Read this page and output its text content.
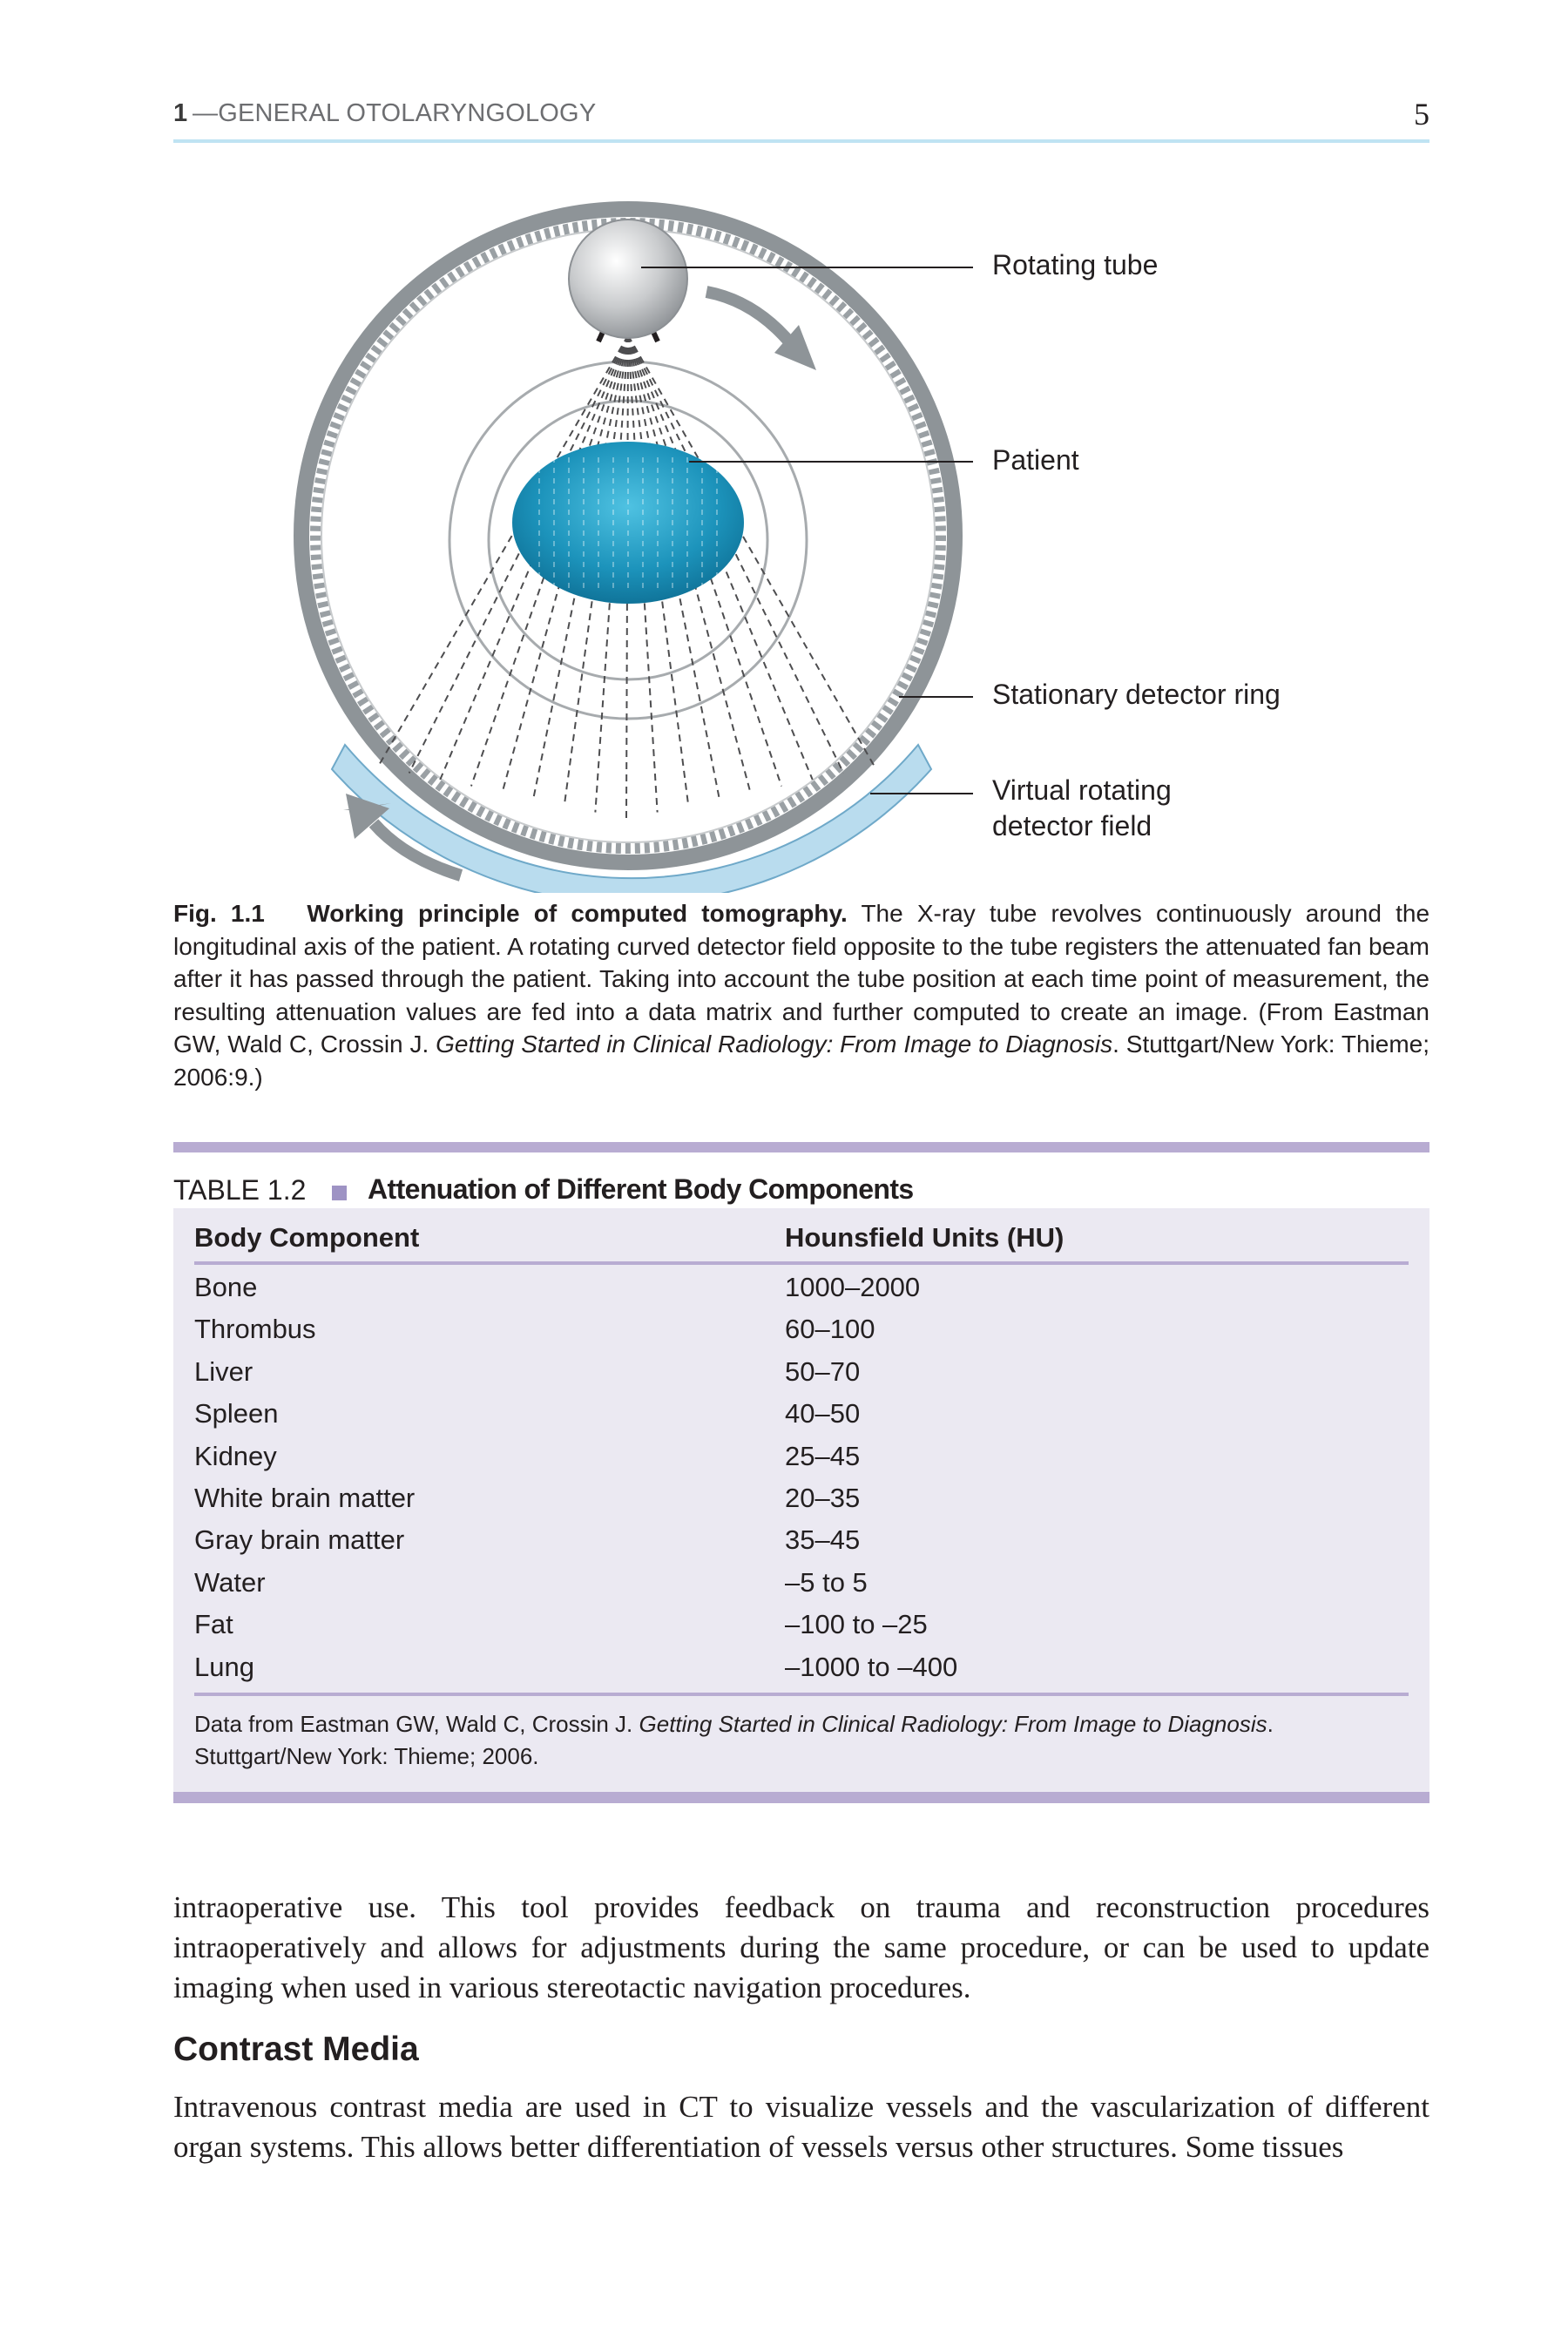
1 —GENERAL OTOLARYNGOLOGY	5
Rotating tube
Patient
Stationary detector ring
Virtual rotating
detector field
Fig. 1.1 Working principle of computed tomography. The X-ray tube revolves continuously around the longitudinal axis of the patient. A rotating curved detector field opposite to the tube registers the attenuated fan beam after it has passed through the patient. Taking into account the tube position at each time point of measurement, the resulting attenuation values are fed into a data matrix and further computed to create an image. (From Eastman GW, Wald C, Crossin J. Getting Started in Clinical Radiology: From Image to Diagnosis. Stuttgart/New York: Thieme; 2006:9.)
TABLE 1.2 Attenuation of Different Body Components
Body Component	Hounsfield Units (HU)
Bone	1000–2000
Thrombus	60–100
Liver	50–70
Spleen	40–50
Kidney	25–45
White brain matter	20–35
Gray brain matter	35–45
Water	–5 to 5
Fat	–100 to –25
Lung	–1000 to –400
Data from Eastman GW, Wald C, Crossin J. Getting Started in Clinical Radiology: From Image to Diagnosis. Stuttgart/New York: Thieme; 2006.
intraoperative use. This tool provides feedback on trauma and reconstruction procedures intraoperatively and allows for adjustments during the same procedure, or can be used to update imaging when used in various stereotactic navigation procedures.
Contrast Media
Intravenous contrast media are used in CT to visualize vessels and the vascularization of different organ systems. This allows better differentiation of vessels versus other structures. Some tissues
